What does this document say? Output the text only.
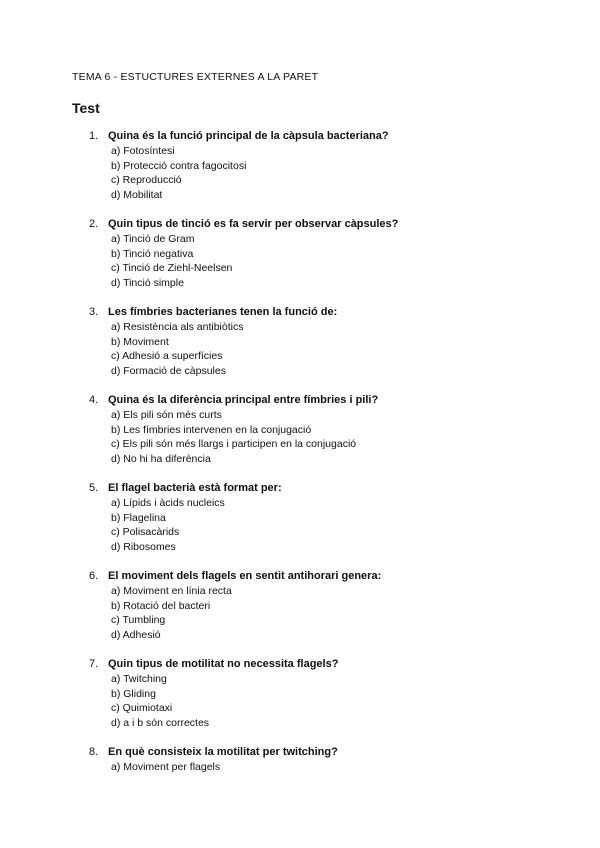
TEMA 6 - ESTUCTURES EXTERNES A LA PARET
Test
1. Quina és la funció principal de la càpsula bacteriana?
a) Fotosíntesi
b) Protecció contra fagocitosi
c) Reproducció
d) Mobilitat
2. Quin tipus de tinció es fa servir per observar càpsules?
a) Tinció de Gram
b) Tinció negativa
c) Tinció de Ziehl-Neelsen
d) Tinció simple
3. Les fímbries bacterianes tenen la funció de:
a) Resistència als antibiòtics
b) Moviment
c) Adhesió a superfícies
d) Formació de càpsules
4. Quina és la diferència principal entre fímbries i pili?
a) Els pili són més curts
b) Les fímbries intervenen en la conjugació
c) Els pili són més llargs i participen en la conjugació
d) No hi ha diferència
5. El flagel bacterià està format per:
a) Lípids i àcids nucleics
b) Flagelina
c) Polisacàrids
d) Ribosomes
6. El moviment dels flagels en sentit antihorari genera:
a) Moviment en línia recta
b) Rotació del bacteri
c) Tumbling
d) Adhesió
7. Quin tipus de motilitat no necessita flagels?
a) Twitching
b) Gliding
c) Quimiotaxi
d) a i b són correctes
8. En què consisteix la motilitat per twitching?
a) Moviment per flagels
